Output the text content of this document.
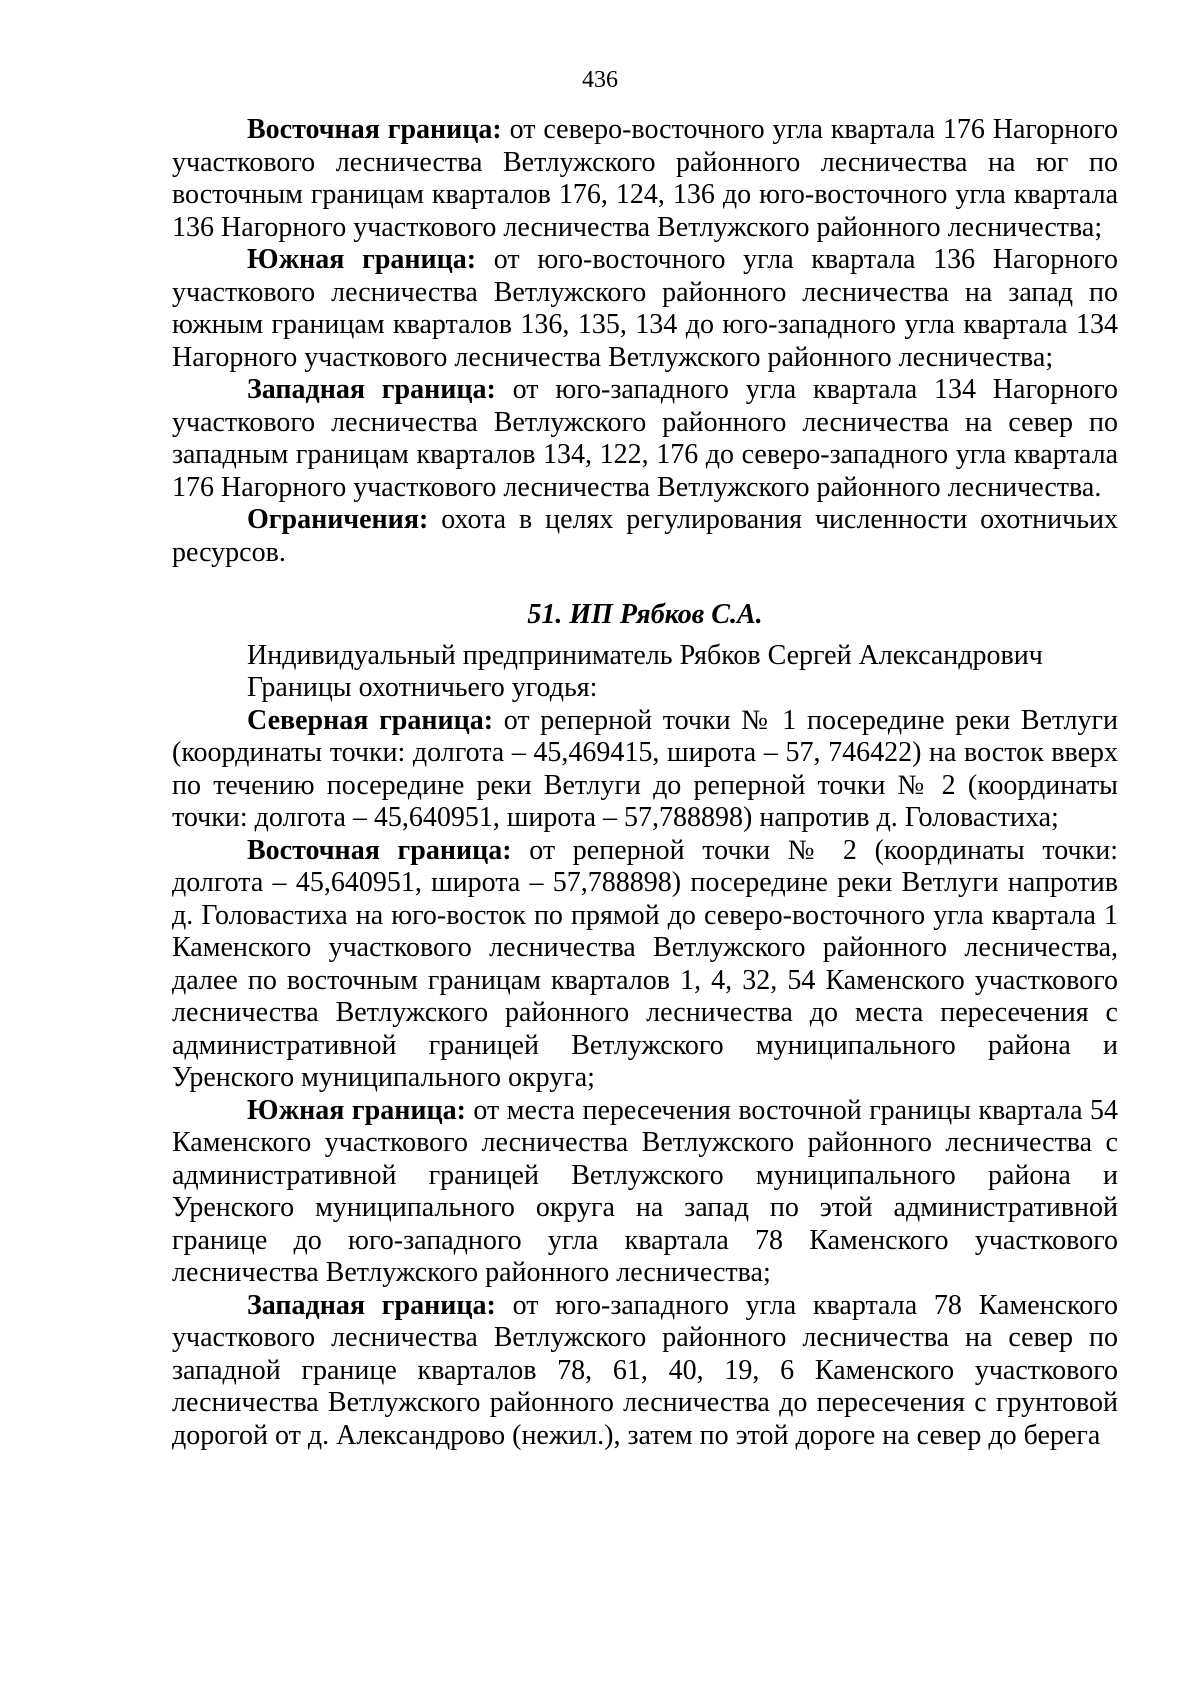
436

Восточная граница: от северо-восточного угла квартала 176 Нагорного участкового лесничества Ветлужского районного лесничества на юг по восточным границам кварталов 176, 124, 136 до юго-восточного угла квартала 136 Нагорного участкового лесничества Ветлужского районного лесничества;

Южная граница: от юго-восточного угла квартала 136 Нагорного участкового лесничества Ветлужского районного лесничества на запад по южным границам кварталов 136, 135, 134 до юго-западного угла квартала 134 Нагорного участкового лесничества Ветлужского районного лесничества;

Западная граница: от юго-западного угла квартала 134 Нагорного участкового лесничества Ветлужского районного лесничества на север по западным границам кварталов 134, 122, 176 до северо-западного угла квартала 176 Нагорного участкового лесничества Ветлужского районного лесничества.

Ограничения: охота в целях регулирования численности охотничьих ресурсов.

51. ИП Рябков С.А.

Индивидуальный предприниматель Рябков Сергей Александрович

Границы охотничьего угодья:

Северная граница: от реперной точки № 1 посередине реки Ветлуги (координаты точки: долгота – 45,469415, широта – 57, 746422) на восток вверх по течению посередине реки Ветлуги до реперной точки № 2 (координаты точки: долгота – 45,640951, широта – 57,788898) напротив д. Головастиха;

Восточная граница: от реперной точки № 2 (координаты точки: долгота – 45,640951, широта – 57,788898) посередине реки Ветлуги напротив д. Головастиха на юго-восток по прямой до северо-восточного угла квартала 1 Каменского участкового лесничества Ветлужского районного лесничества, далее по восточным границам кварталов 1, 4, 32, 54 Каменского участкового лесничества Ветлужского районного лесничества до места пересечения с административной границей Ветлужского муниципального района и Уренского муниципального округа;

Южная граница: от места пересечения восточной границы квартала 54 Каменского участкового лесничества Ветлужского районного лесничества с административной границей Ветлужского муниципального района и Уренского муниципального округа на запад по этой административной границе до юго-западного угла квартала 78 Каменского участкового лесничества Ветлужского районного лесничества;

Западная граница: от юго-западного угла квартала 78 Каменского участкового лесничества Ветлужского районного лесничества на север по западной границе кварталов 78, 61, 40, 19, 6 Каменского участкового лесничества Ветлужского районного лесничества до пересечения с грунтовой дорогой от д. Александрово (нежил.), затем по этой дороге на север до берега
